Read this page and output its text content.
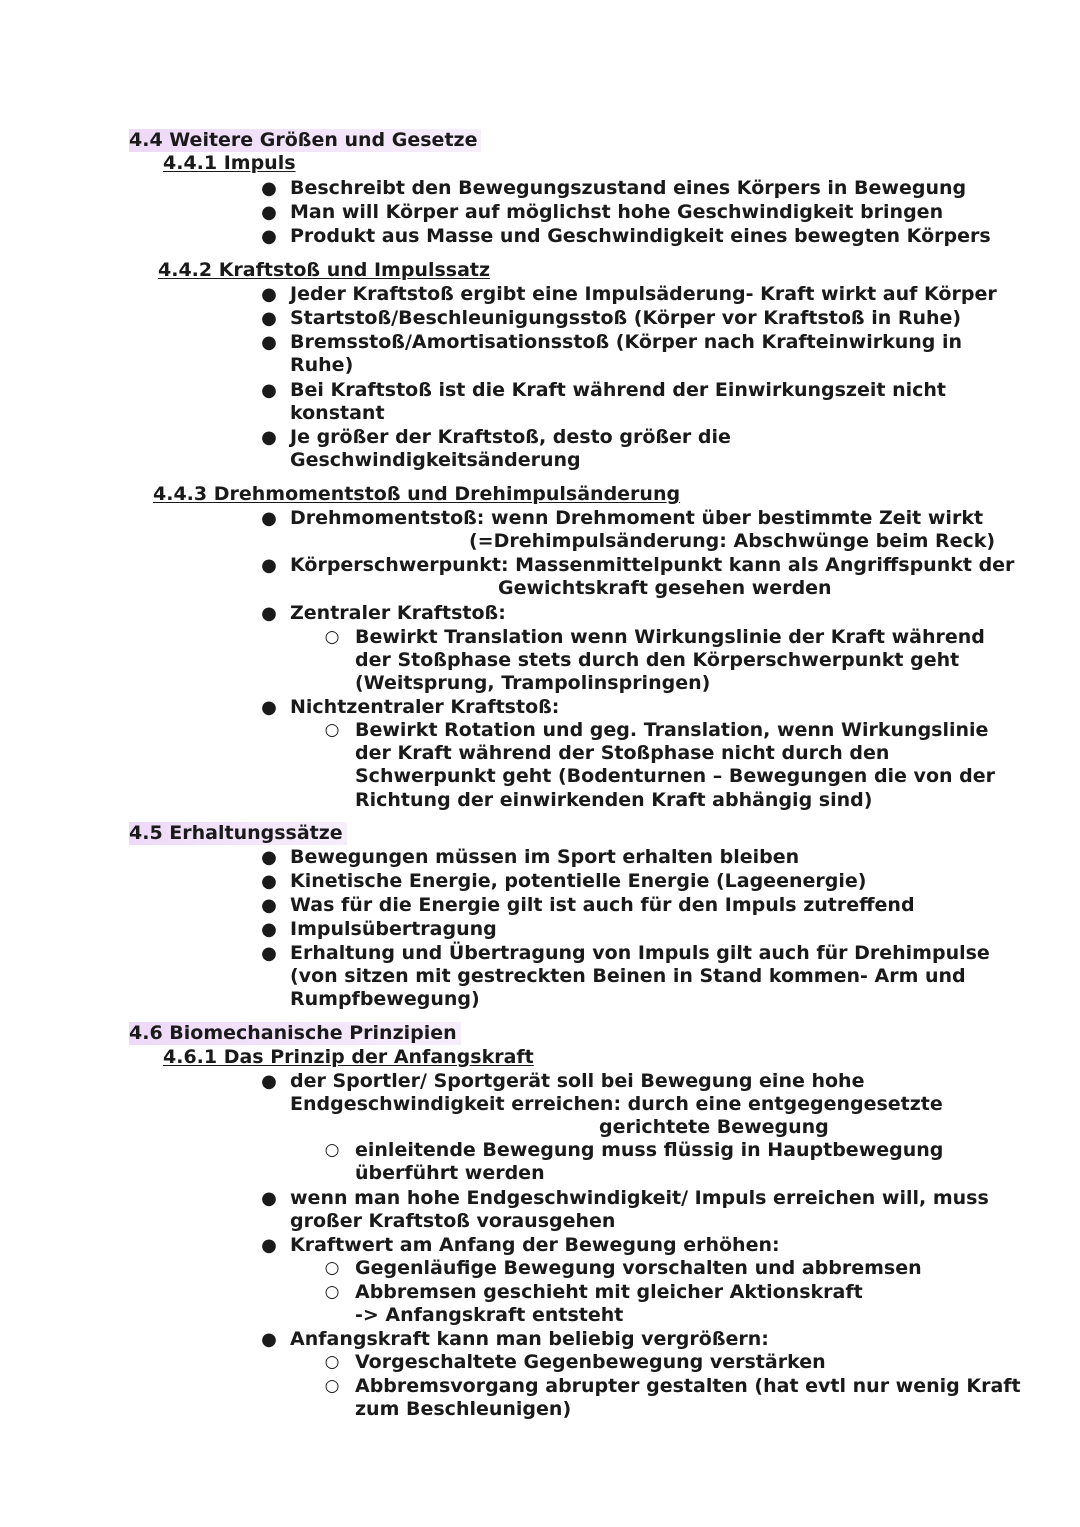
4.4 Weitere Größen und Gesetze
4.4.1 Impuls
● Beschreibt den Bewegungszustand eines Körpers in Bewegung
● Man will Körper auf möglichst hohe Geschwindigkeit bringen
● Produkt aus Masse und Geschwindigkeit eines bewegten Körpers
4.4.2 Kraftstoß und Impulssatz
● Jeder Kraftstoß ergibt eine Impulsäderung- Kraft wirkt auf Körper
● Startstoß/Beschleunigungsstoß (Körper vor Kraftstoß in Ruhe)
● Bremsstoß/Amortisationsstoß (Körper nach Krafteinwirkung in
Ruhe)
● Bei Kraftstoß ist die Kraft während der Einwirkungszeit nicht
konstant
● Je größer der Kraftstoß, desto größer die
Geschwindigkeitsänderung
4.4.3 Drehmomentstoß und Drehimpulsänderung
● Drehmomentstoß: wenn Drehmoment über bestimmte Zeit wirkt
(=Drehimpulsänderung: Abschwünge beim Reck)
● Körperschwerpunkt: Massenmittelpunkt kann als Angriffspunkt der
Gewichtskraft gesehen werden
● Zentraler Kraftstoß:
○ Bewirkt Translation wenn Wirkungslinie der Kraft während
der Stoßphase stets durch den Körperschwerpunkt geht
(Weitsprung, Trampolinspringen)
● Nichtzentraler Kraftstoß:
○ Bewirkt Rotation und geg. Translation, wenn Wirkungslinie
der Kraft während der Stoßphase nicht durch den
Schwerpunkt geht (Bodenturnen – Bewegungen die von der
Richtung der einwirkenden Kraft abhängig sind)
4.5 Erhaltungssätze
● Bewegungen müssen im Sport erhalten bleiben
● Kinetische Energie, potentielle Energie (Lageenergie)
● Was für die Energie gilt ist auch für den Impuls zutreffend
● Impulsübertragung
● Erhaltung und Übertragung von Impuls gilt auch für Drehimpulse
(von sitzen mit gestreckten Beinen in Stand kommen- Arm und
Rumpfbewegung)
4.6 Biomechanische Prinzipien
4.6.1 Das Prinzip der Anfangskraft
● der Sportler/ Sportgerät soll bei Bewegung eine hohe
Endgeschwindigkeit erreichen: durch eine entgegengesetzte
gerichtete Bewegung
○ einleitende Bewegung muss flüssig in Hauptbewegung
überführt werden
● wenn man hohe Endgeschwindigkeit/ Impuls erreichen will, muss
großer Kraftstoß vorausgehen
● Kraftwert am Anfang der Bewegung erhöhen:
○ Gegenläufige Bewegung vorschalten und abbremsen
○ Abbremsen geschieht mit gleicher Aktionskraft
-> Anfangskraft entsteht
● Anfangskraft kann man beliebig vergrößern:
○ Vorgeschaltete Gegenbewegung verstärken
○ Abbremsvorgang abrupter gestalten (hat evtl nur wenig Kraft
zum Beschleunigen)
